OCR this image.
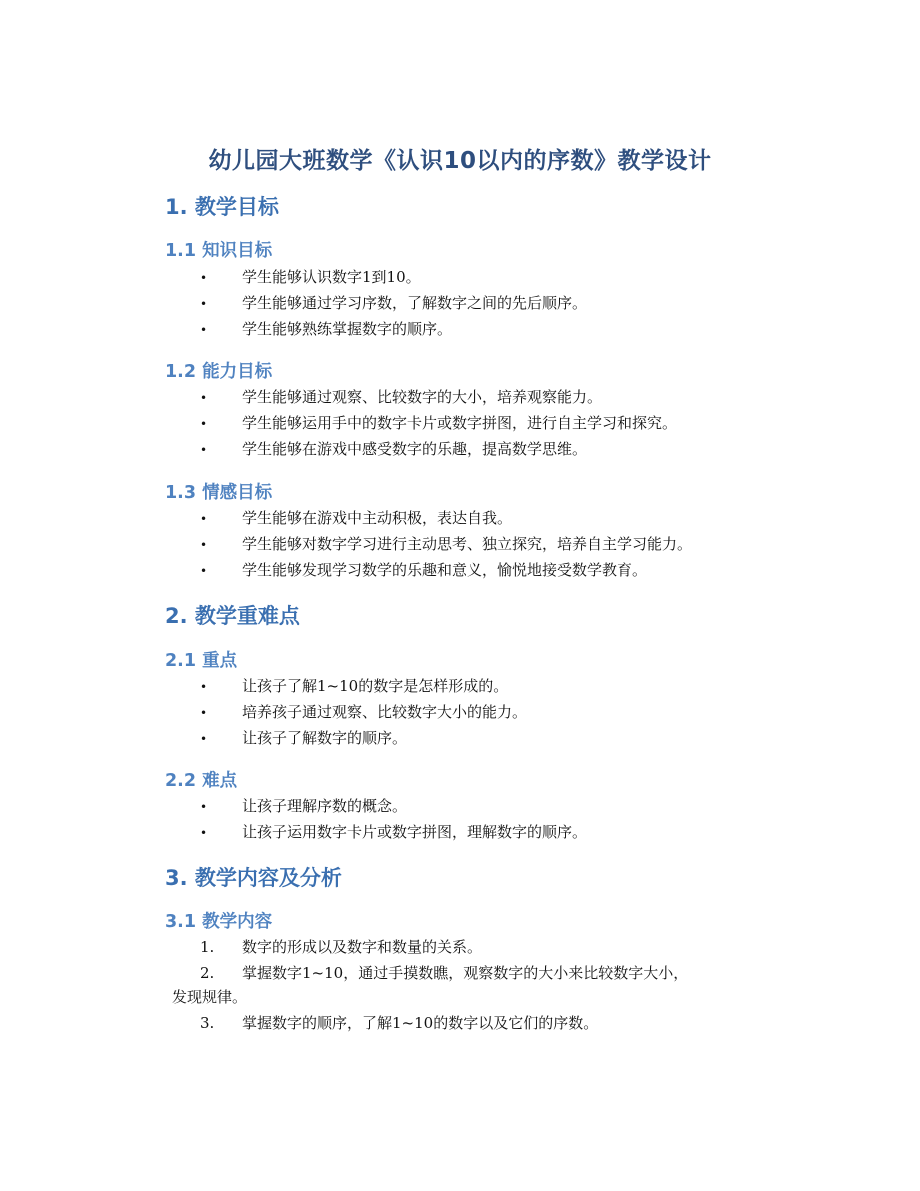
幼儿园大班数学《认识10以内的序数》教学设计
1. 教学目标
1.1 知识目标
• 学生能够认识数字1到10。
• 学生能够通过学习序数，了解数字之间的先后顺序。
• 学生能够熟练掌握数字的顺序。
1.2 能力目标
• 学生能够通过观察、比较数字的大小，培养观察能力。
• 学生能够运用手中的数字卡片或数字拼图，进行自主学习和探究。
• 学生能够在游戏中感受数字的乐趣，提高数学思维。
1.3 情感目标
• 学生能够在游戏中主动积极，表达自我。
• 学生能够对数字学习进行主动思考、独立探究，培养自主学习能力。
• 学生能够发现学习数学的乐趣和意义，愉悦地接受数学教育。
2. 教学重难点
2.1 重点
• 让孩子了解1~10的数字是怎样形成的。
• 培养孩子通过观察、比较数字大小的能力。
• 让孩子了解数字的顺序。
2.2 难点
• 让孩子理解序数的概念。
• 让孩子运用数字卡片或数字拼图，理解数字的顺序。
3. 教学内容及分析
3.1 教学内容
1. 数字的形成以及数字和数量的关系。
2. 掌握数字1~10，通过手摸数瞧，观察数字的大小来比较数字大小，
发现规律。
3. 掌握数字的顺序，了解1~10的数字以及它们的序数。
